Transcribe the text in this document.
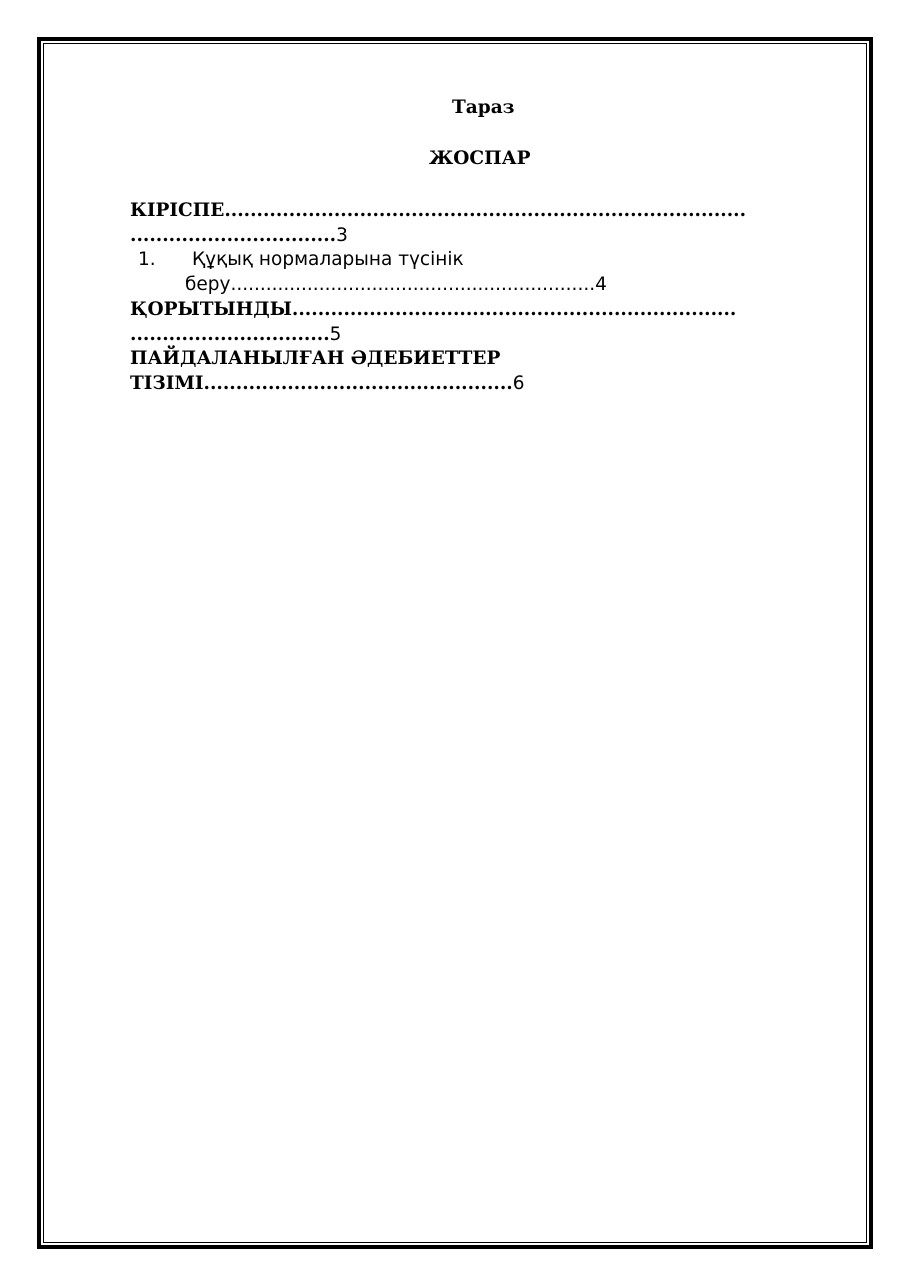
Тараз
ЖОСПАР
КІРІСПЕ.................................................................................
................................3
1. Құқық нормаларына түсінік
беру..............................................................4
ҚОРЫТЫНДЫ.....................................................................
...............................5
ПАЙДАЛАНЫЛҒАН ӘДЕБИЕТТЕР
ТІЗІМІ................................................6
